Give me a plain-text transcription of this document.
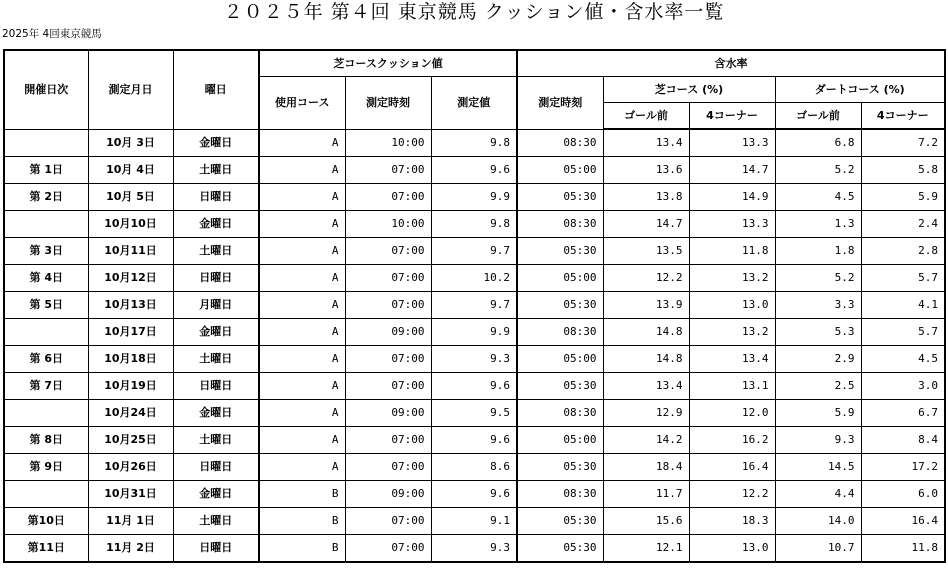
２０２５年 第４回 東京競馬 クッション値・含水率一覧
2025年 4回東京競馬
開催日次	測定月日	曜日	芝コースクッション値			含水率				
			使用コース	測定時刻	測定値	測定時刻	芝コース (%)		ダートコース (%)	
							ゴール前	4コーナー	ゴール前	4コーナー
	10月 3日	金曜日	A	10:00	9.8	08:30	13.4	13.3	6.8	7.2
第 1日	10月 4日	土曜日	A	07:00	9.6	05:00	13.6	14.7	5.2	5.8
第 2日	10月 5日	日曜日	A	07:00	9.9	05:30	13.8	14.9	4.5	5.9
	10月10日	金曜日	A	10:00	9.8	08:30	14.7	13.3	1.3	2.4
第 3日	10月11日	土曜日	A	07:00	9.7	05:30	13.5	11.8	1.8	2.8
第 4日	10月12日	日曜日	A	07:00	10.2	05:00	12.2	13.2	5.2	5.7
第 5日	10月13日	月曜日	A	07:00	9.7	05:30	13.9	13.0	3.3	4.1
	10月17日	金曜日	A	09:00	9.9	08:30	14.8	13.2	5.3	5.7
第 6日	10月18日	土曜日	A	07:00	9.3	05:00	14.8	13.4	2.9	4.5
第 7日	10月19日	日曜日	A	07:00	9.6	05:30	13.4	13.1	2.5	3.0
	10月24日	金曜日	A	09:00	9.5	08:30	12.9	12.0	5.9	6.7
第 8日	10月25日	土曜日	A	07:00	9.6	05:00	14.2	16.2	9.3	8.4
第 9日	10月26日	日曜日	A	07:00	8.6	05:30	18.4	16.4	14.5	17.2
	10月31日	金曜日	B	09:00	9.6	08:30	11.7	12.2	4.4	6.0
第10日	11月 1日	土曜日	B	07:00	9.1	05:30	15.6	18.3	14.0	16.4
第11日	11月 2日	日曜日	B	07:00	9.3	05:30	12.1	13.0	10.7	11.8
